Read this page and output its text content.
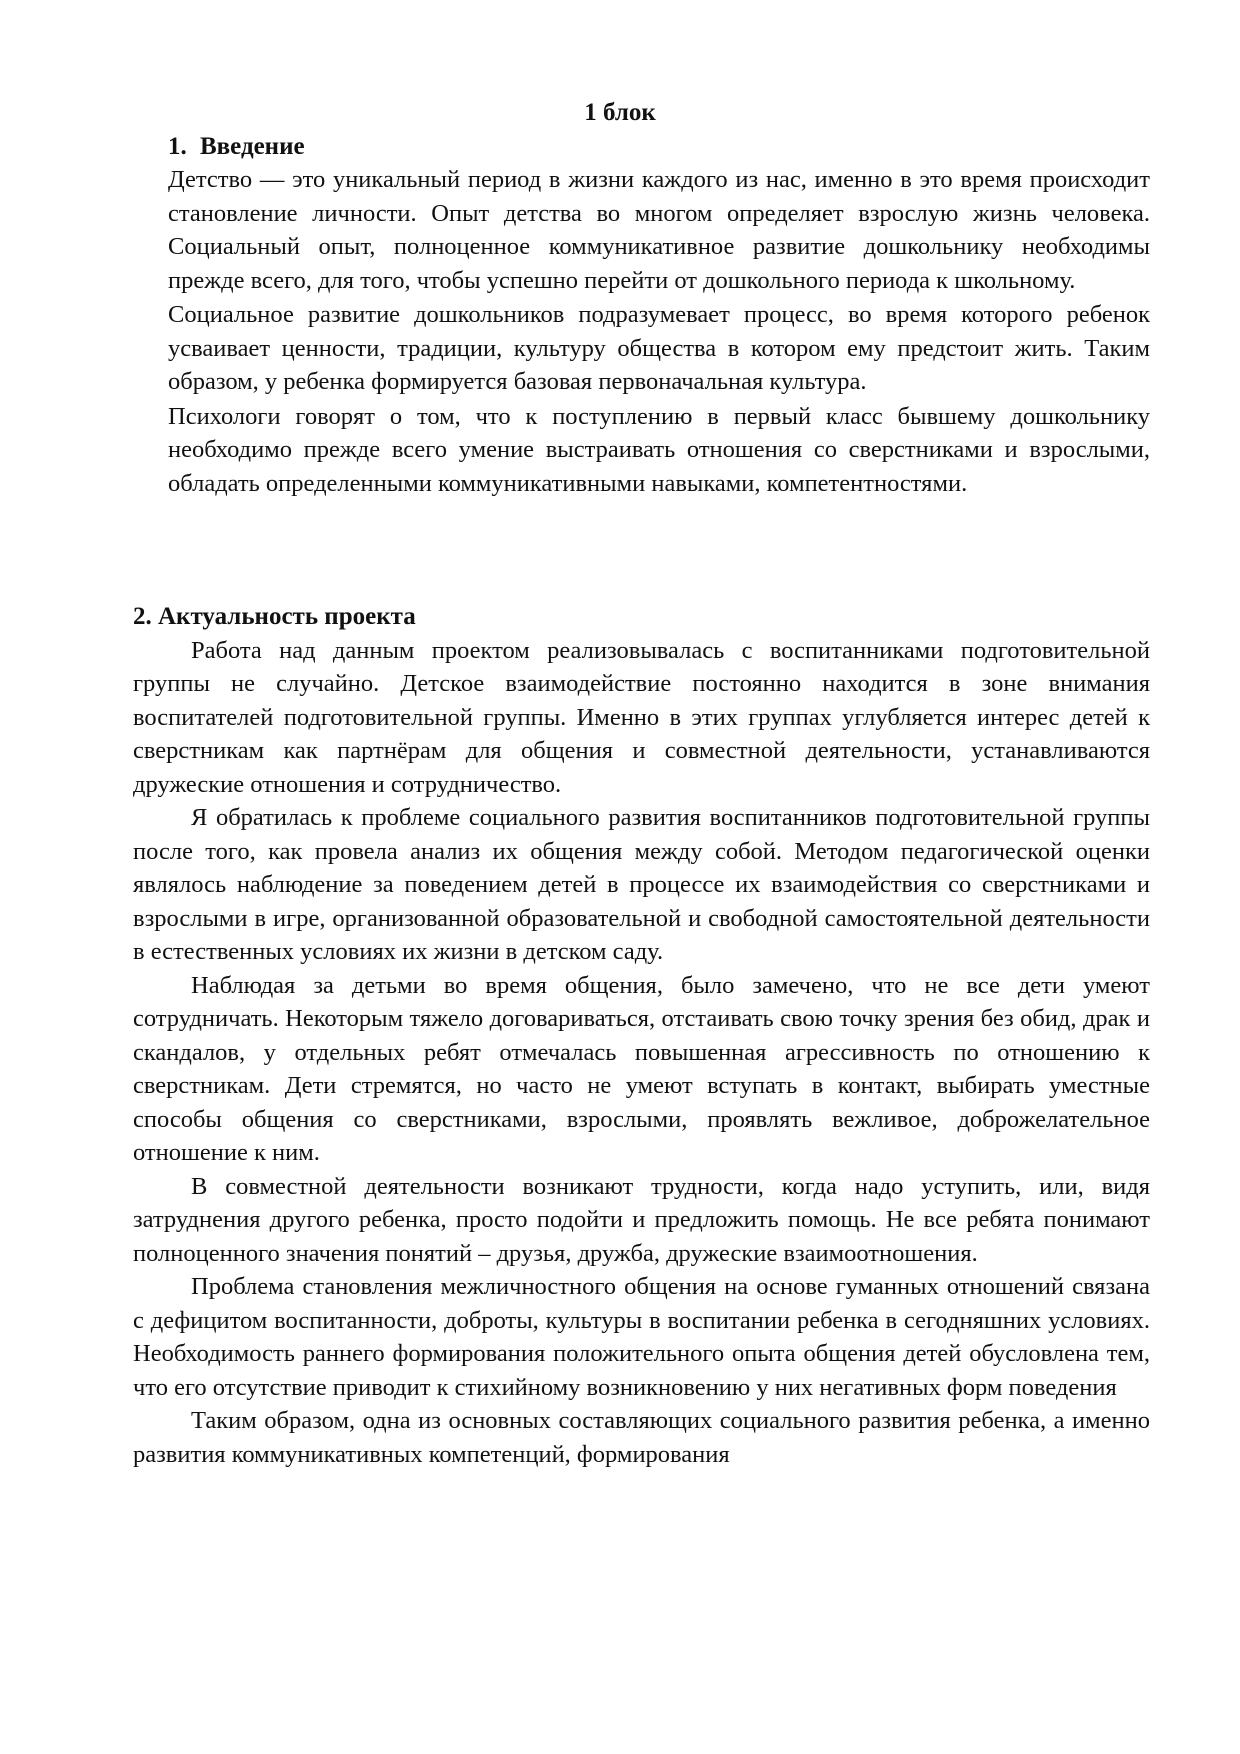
1 блок
1. Введение

Детство — это уникальный период в жизни каждого из нас, именно в это время происходит становление личности. Опыт детства во многом определяет взрослую жизнь человека. Социальный опыт, полноценное коммуникативное развитие дошкольнику необходимы прежде всего, для того, чтобы успешно перейти от дошкольного периода к школьному.

Социальное развитие дошкольников подразумевает процесс, во время которого ребенок усваивает ценности, традиции, культуру общества в котором ему предстоит жить. Таким образом, у ребенка формируется базовая первоначальная культура.

Психологи говорят о том, что к поступлению в первый класс бывшему дошкольнику необходимо прежде всего умение выстраивать отношения со сверстниками и взрослыми, обладать определенными коммуникативными навыками, компетентностями.

2. Актуальность проекта

Работа над данным проектом реализовывалась с воспитанниками подготовительной группы не случайно. Детское взаимодействие постоянно находится в зоне внимания воспитателей подготовительной группы. Именно в этих группах углубляется интерес детей к сверстникам как партнёрам для общения и совместной деятельности, устанавливаются дружеские отношения и сотрудничество.

Я обратилась к проблеме социального развития воспитанников подготовительной группы после того, как провела анализ их общения между собой. Методом педагогической оценки являлось наблюдение за поведением детей в процессе их взаимодействия со сверстниками и взрослыми в игре, организованной образовательной и свободной самостоятельной деятельности в естественных условиях их жизни в детском саду.

Наблюдая за детьми во время общения, было замечено, что не все дети умеют сотрудничать. Некоторым тяжело договариваться, отстаивать свою точку зрения без обид, драк и скандалов, у отдельных ребят отмечалась повышенная агрессивность по отношению к сверстникам. Дети стремятся, но часто не умеют вступать в контакт, выбирать уместные способы общения со сверстниками, взрослыми, проявлять вежливое, доброжелательное отношение к ним.

В совместной деятельности возникают трудности, когда надо уступить, или, видя затруднения другого ребенка, просто подойти и предложить помощь. Не все ребята понимают полноценного значения понятий – друзья, дружба, дружеские взаимоотношения.

Проблема становления межличностного общения на основе гуманных отношений связана с дефицитом воспитанности, доброты, культуры в воспитании ребенка в сегодняшних условиях. Необходимость раннего формирования положительного опыта общения детей обусловлена тем, что его отсутствие приводит к стихийному возникновению у них негативных форм поведения

Таким образом, одна из основных составляющих социального развития ребенка, а именно развития коммуникативных компетенций, формирования
